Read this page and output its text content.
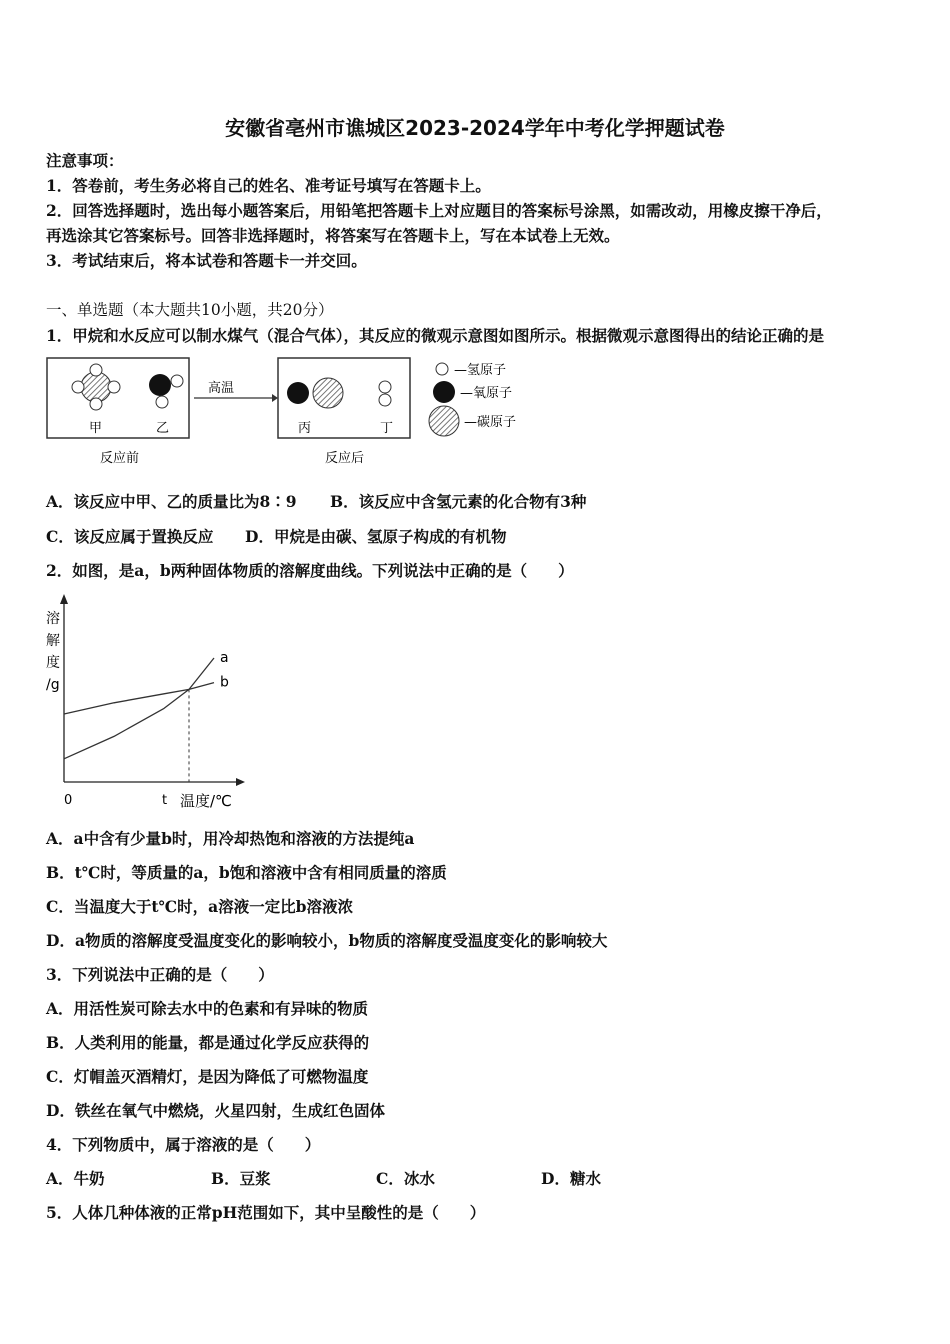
安徽省亳州市谯城区2023-2024学年中考化学押题试卷
注意事项：
1．答卷前，考生务必将自己的姓名、准考证号填写在答题卡上。
2．回答选择题时，选出每小题答案后，用铅笔把答题卡上对应题目的答案标号涂黑，如需改动，用橡皮擦干净后，
再选涂其它答案标号。回答非选择题时，将答案写在答题卡上，写在本试卷上无效。
3．考试结束后，将本试卷和答题卡一并交回。
一、单选题（本大题共10小题，共20分）
1．甲烷和水反应可以制水煤气（混合气体），其反应的微观示意图如图所示。根据微观示意图得出的结论正确的是
甲	乙
反应前
高温
丙	丁
反应后
—氢原子
—氧原子
—碳原子
A．该反应中甲、乙的质量比为8∶9 B．该反应中含氢元素的化合物有3种
C．该反应属于置换反应 D．甲烷是由碳、氢原子构成的有机物
2．如图，是a，b两种固体物质的溶解度曲线。下列说法中正确的是（　　）
溶
解
度
/g
0	t 温度/℃
a
b
A．a中含有少量b时，用冷却热饱和溶液的方法提纯a
B．t℃时，等质量的a，b饱和溶液中含有相同质量的溶质
C．当温度大于t℃时，a溶液一定比b溶液浓
D．a物质的溶解度受温度变化的影响较小，b物质的溶解度受温度变化的影响较大
3．下列说法中正确的是（　　）
A．用活性炭可除去水中的色素和有异味的物质
B．人类利用的能量，都是通过化学反应获得的
C．灯帽盖灭酒精灯，是因为降低了可燃物温度
D．铁丝在氧气中燃烧，火星四射，生成红色固体
4．下列物质中，属于溶液的是（　　）
A．牛奶	B．豆浆	C．冰水	D．糖水
5．人体几种体液的正常pH范围如下，其中呈酸性的是（　　）
